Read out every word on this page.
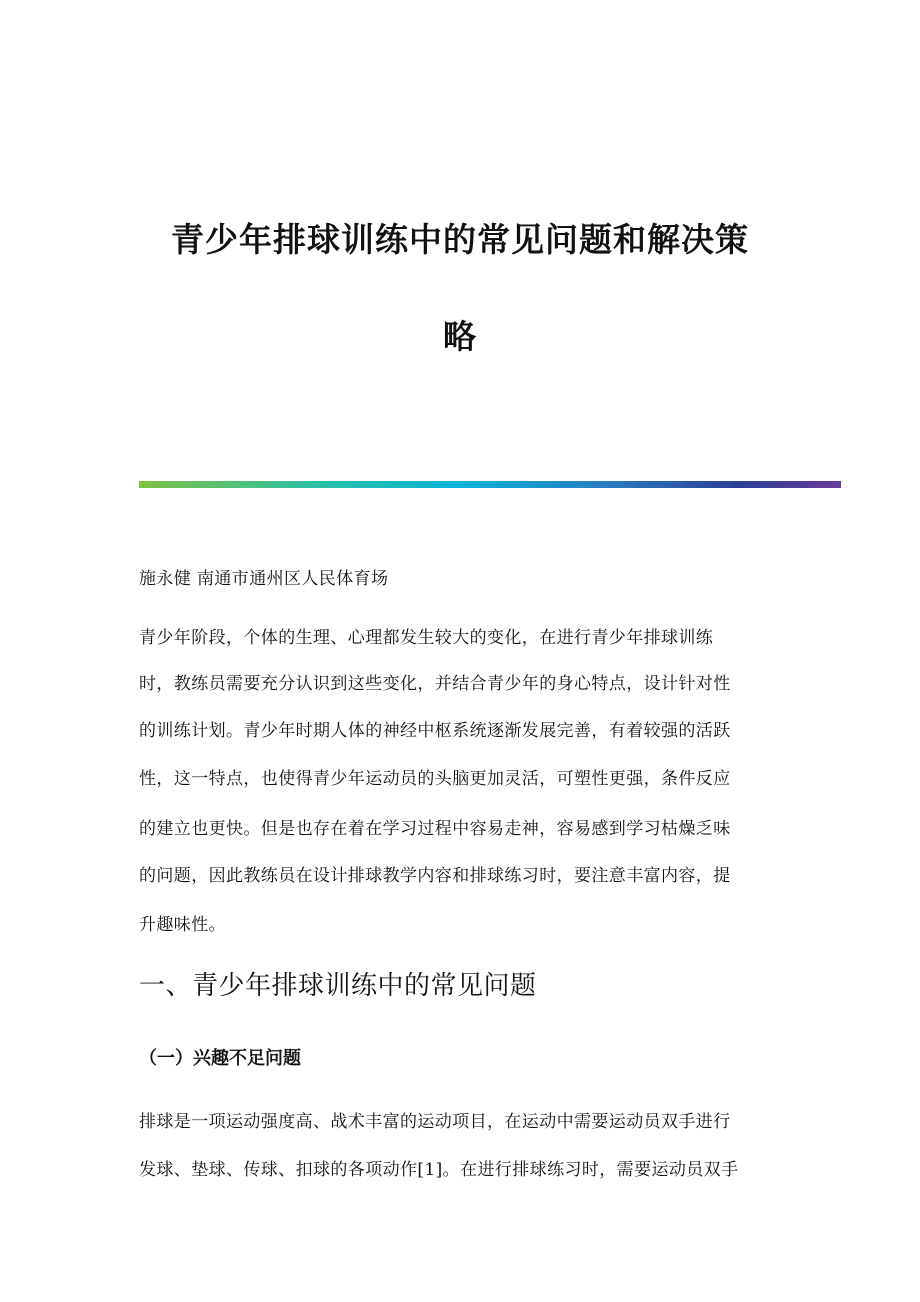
青少年排球训练中的常见问题和解决策
略
施永健 南通市通州区人民体育场
青少年阶段，个体的生理、心理都发生较大的变化，在进行青少年排球训练
时，教练员需要充分认识到这些变化，并结合青少年的身心特点，设计针对性
的训练计划。青少年时期人体的神经中枢系统逐渐发展完善，有着较强的活跃
性，这一特点，也使得青少年运动员的头脑更加灵活，可塑性更强，条件反应
的建立也更快。但是也存在着在学习过程中容易走神，容易感到学习枯燥乏味
的问题，因此教练员在设计排球教学内容和排球练习时，要注意丰富内容，提
升趣味性。
一、青少年排球训练中的常见问题
（一）兴趣不足问题
排球是一项运动强度高、战术丰富的运动项目，在运动中需要运动员双手进行
发球、垫球、传球、扣球的各项动作[1]。在进行排球练习时，需要运动员双手
